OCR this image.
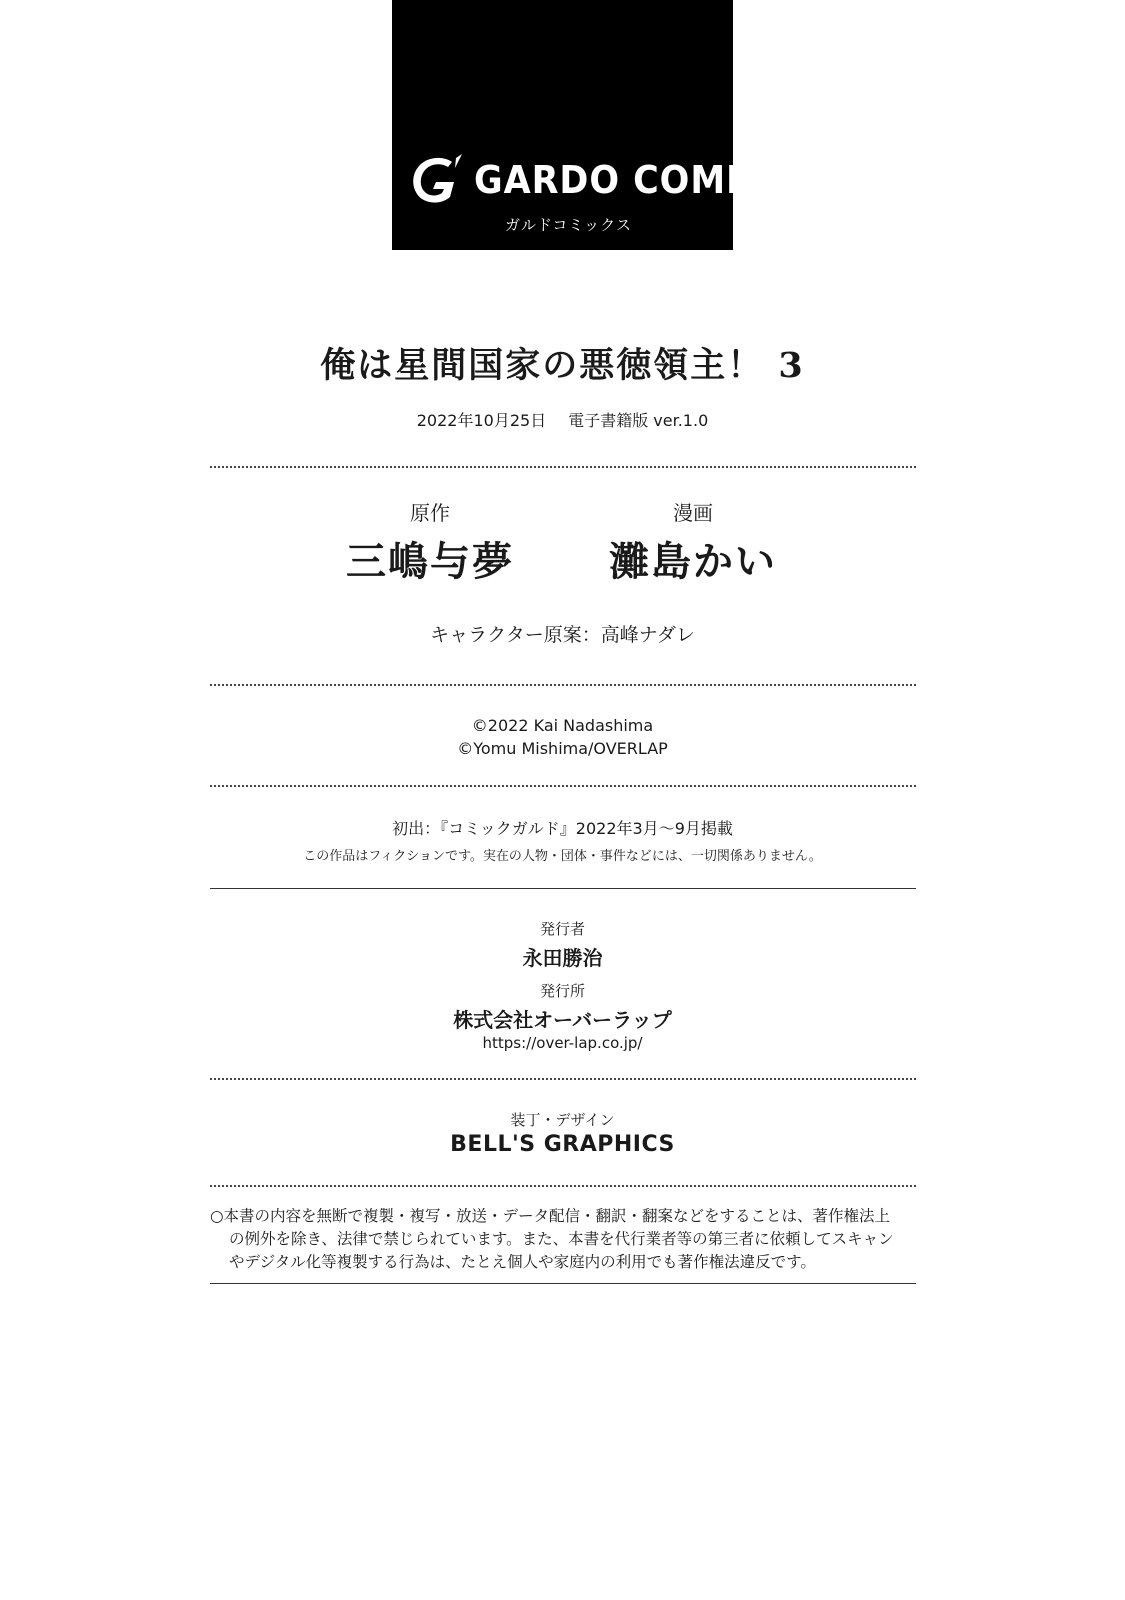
GARDO COMICS
ガルドコミックス
俺は星間国家の悪徳領主！ 3
2022年10月25日 電子書籍版 ver.1.0
原作
三嶋与夢
漫画
灘島かい
キャラクター原案：高峰ナダレ
©2022 Kai Nadashima
©Yomu Mishima/OVERLAP
初出：『コミックガルド』2022年3月～9月掲載
この作品はフィクションです。実在の人物・団体・事件などには、一切関係ありません。
発行者
永田勝治
発行所
株式会社オーバーラップ
https://over-lap.co.jp/
装丁・デザイン
BELL'S GRAPHICS
○本書の内容を無断で複製・複写・放送・データ配信・翻訳・翻案などをすることは、著作権法上
の例外を除き、法律で禁じられています。また、本書を代行業者等の第三者に依頼してスキャン
やデジタル化等複製する行為は、たとえ個人や家庭内の利用でも著作権法違反です。
